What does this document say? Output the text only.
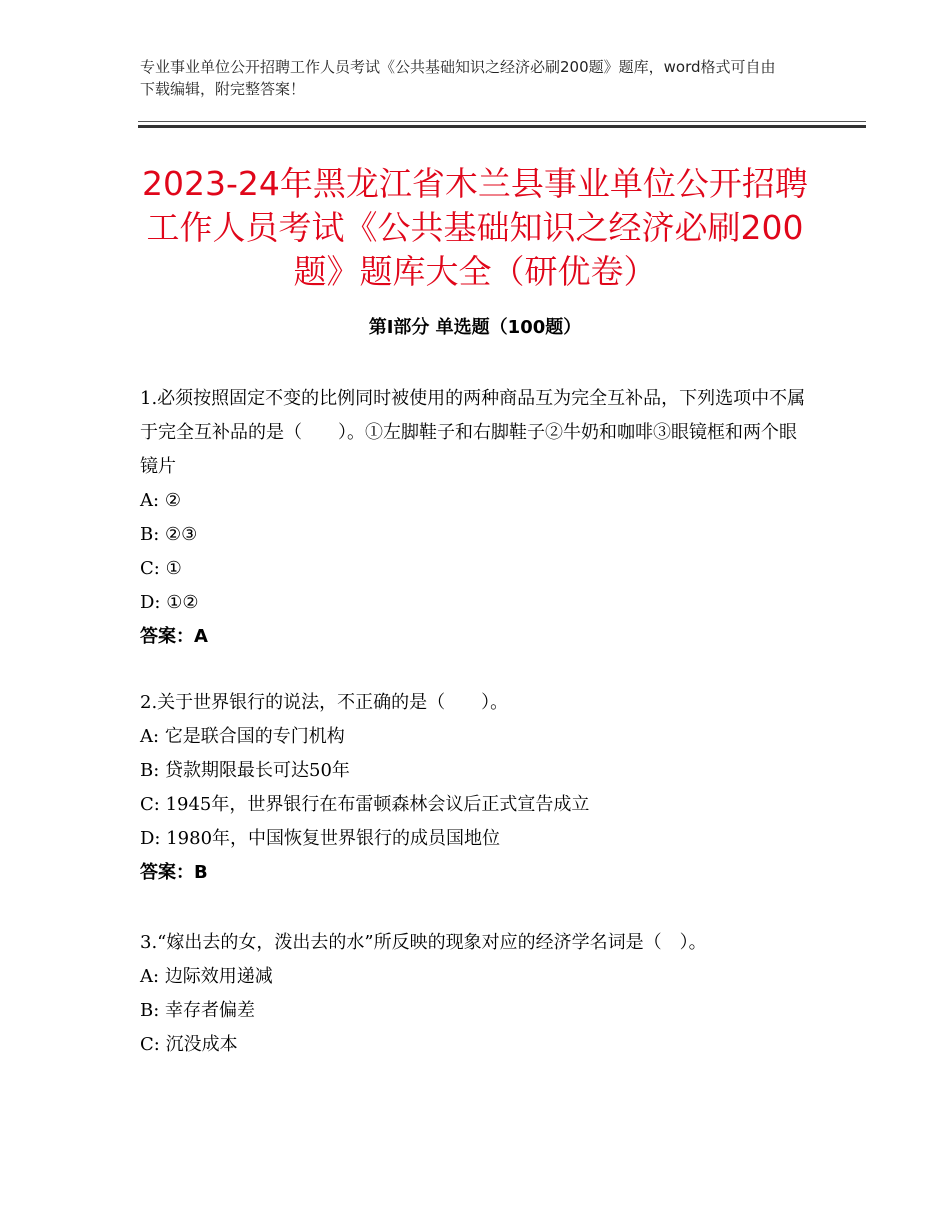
专业事业单位公开招聘工作人员考试《公共基础知识之经济必刷200题》题库，word格式可自由下载编辑，附完整答案！
2023-24年黑龙江省木兰县事业单位公开招聘工作人员考试《公共基础知识之经济必刷200题》题库大全（研优卷）
第Ⅰ部分 单选题（100题）
1.必须按照固定不变的比例同时被使用的两种商品互为完全互补品，下列选项中不属于完全互补品的是（　　）。①左脚鞋子和右脚鞋子②牛奶和咖啡③眼镜框和两个眼镜片
A: ②
B: ②③
C: ①
D: ①②
答案：A
2.关于世界银行的说法，不正确的是（　　）。
A: 它是联合国的专门机构
B: 贷款期限最长可达50年
C: 1945年，世界银行在布雷顿森林会议后正式宣告成立
D: 1980年，中国恢复世界银行的成员国地位
答案：B
3.“嫁出去的女，泼出去的水”所反映的现象对应的经济学名词是（　）。
A: 边际效用递减
B: 幸存者偏差
C: 沉没成本
